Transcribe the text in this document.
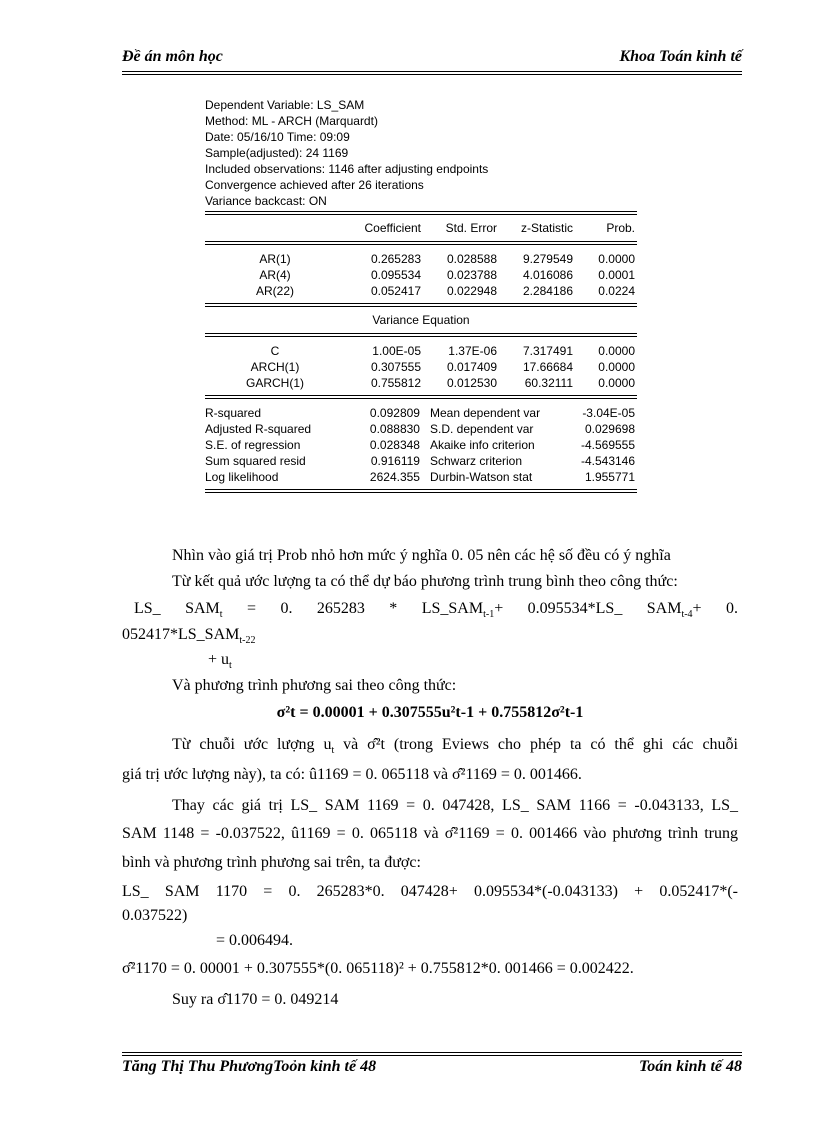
Đề án môn học	Khoa Toán kinh tế
Dependent Variable: LS_SAM
Method: ML - ARCH (Marquardt)
Date: 05/16/10 Time: 09:09
Sample(adjusted): 24 1169
Included observations: 1146 after adjusting endpoints
Convergence achieved after 26 iterations
Variance backcast: ON
Coefficient	Std. Error	z-Statistic	Prob.
AR(1)	0.265283	0.028588	9.279549	0.0000
AR(4)	0.095534	0.023788	4.016086	0.0001
AR(22)	0.052417	0.022948	2.284186	0.0224
Variance Equation
C	1.00E-05	1.37E-06	7.317491	0.0000
ARCH(1)	0.307555	0.017409	17.66684	0.0000
GARCH(1)	0.755812	0.012530	60.32111	0.0000
R-squared	0.092809 Mean dependent var	-3.04E-05
Adjusted R-squared	0.088830 S.D. dependent var	0.029698
S.E. of regression	0.028348 Akaike info criterion	-4.569555
Sum squared resid	0.916119 Schwarz criterion	-4.543146
Log likelihood	2624.355 Durbin-Watson stat	1.955771
Nhìn vào giá trị Prob nhỏ hơn mức ý nghĩa 0. 05 nên các hệ số đều có ý nghĩa
Từ kết quả ước lượng ta có thể dự báo phương trình trung bình theo công thức:
LS_ $SAM_t = 0$. $265283 * LS\_SAM_{t-1}+$ 0.095534*LS_ $SAM_{t-4}+ 0$.
$052417*LS\_SAM_{t-22}$
+ $u_t$
Và phương trình phương sai theo công thức:
σ²t = 0.00001 + 0.307555u²t-1 + 0.755812σ²t-1
Từ chuỗi ước lượng $u_t$ và σ̂²t (trong Eviews cho phép ta có thể ghi các chuỗi
giá trị ước lượng này), ta có: û1169 = 0. 065118 và σ̂²1169 = 0. 001466.
Thay các giá trị LS_ SAM 1169 = 0. 047428, LS_ SAM 1166 = -0.043133, LS_
SAM 1148 = -0.037522, û1169 = 0. 065118 và σ̂²1169 = 0. 001466 vào phương trình trung
bình và phương trình phương sai trên, ta được:
LS_ SAM 1170 = 0. 265283*0. 047428+ 0.095534*(-0.043133) + 0.052417*(-
0.037522)
= 0.006494.
σ̂²1170 = 0. 00001 + 0.307555*(0. 065118)² + 0.755812*0. 001466 = 0.002422.
Suy ra σ̂1170 = 0. 049214
Tăng Thị Thu PhươngToỏn kinh tế 48	Toán kinh tế 48
